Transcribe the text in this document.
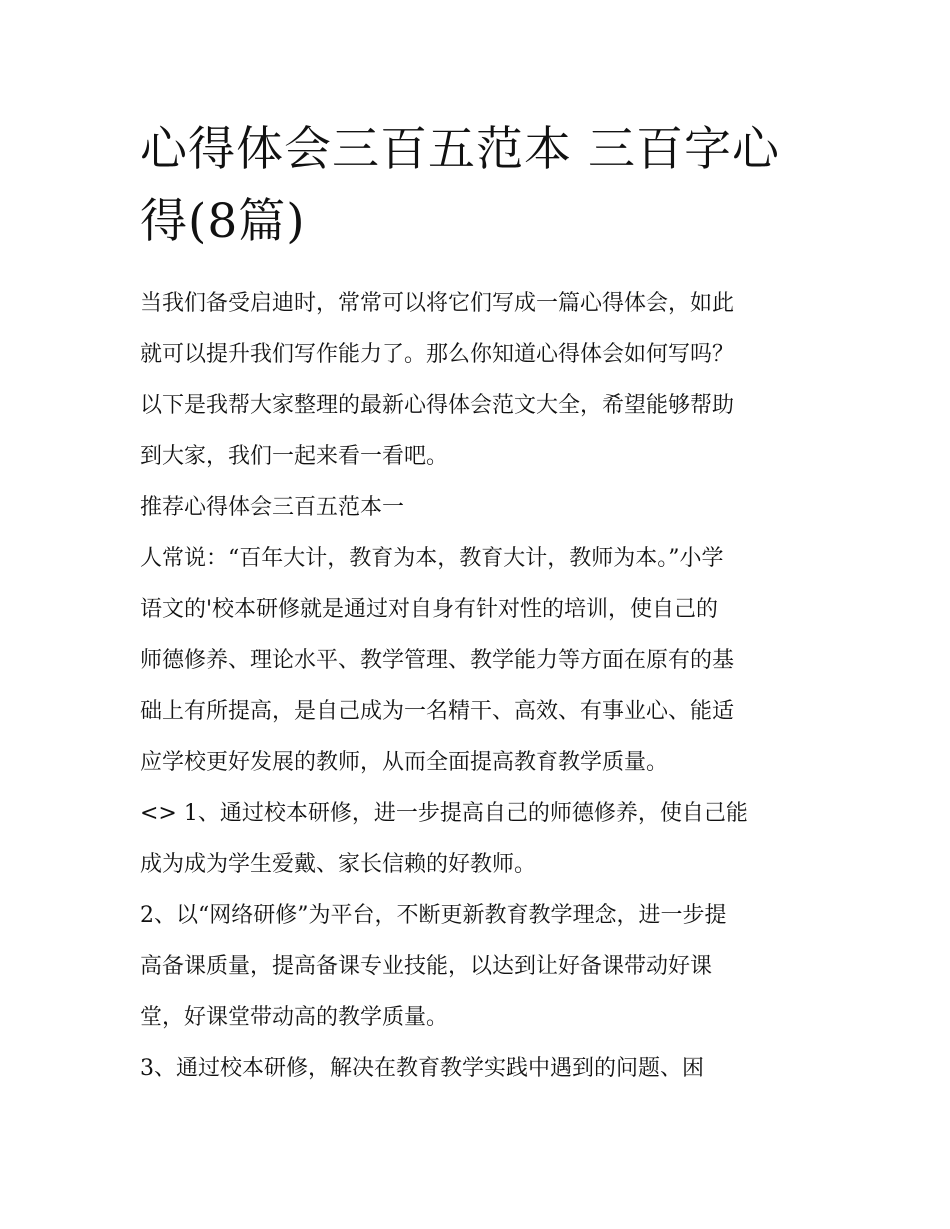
心得体会三百五范本 三百字心
得(8篇)

当我们备受启迪时，常常可以将它们写成一篇心得体会，如此
就可以提升我们写作能力了。那么你知道心得体会如何写吗？
以下是我帮大家整理的最新心得体会范文大全，希望能够帮助
到大家，我们一起来看一看吧。

推荐心得体会三百五范本一

人常说：“百年大计，教育为本，教育大计，教师为本。”小学
语文的'校本研修就是通过对自身有针对性的培训，使自己的
师德修养、理论水平、教学管理、教学能力等方面在原有的基
础上有所提高，是自己成为一名精干、高效、有事业心、能适
应学校更好发展的教师，从而全面提高教育教学质量。

<> 1、通过校本研修，进一步提高自己的师德修养，使自己能
成为成为学生爱戴、家长信赖的好教师。

2、以“网络研修”为平台，不断更新教育教学理念，进一步提
高备课质量，提高备课专业技能，以达到让好备课带动好课
堂，好课堂带动高的教学质量。

3、通过校本研修，解决在教育教学实践中遇到的问题、困
